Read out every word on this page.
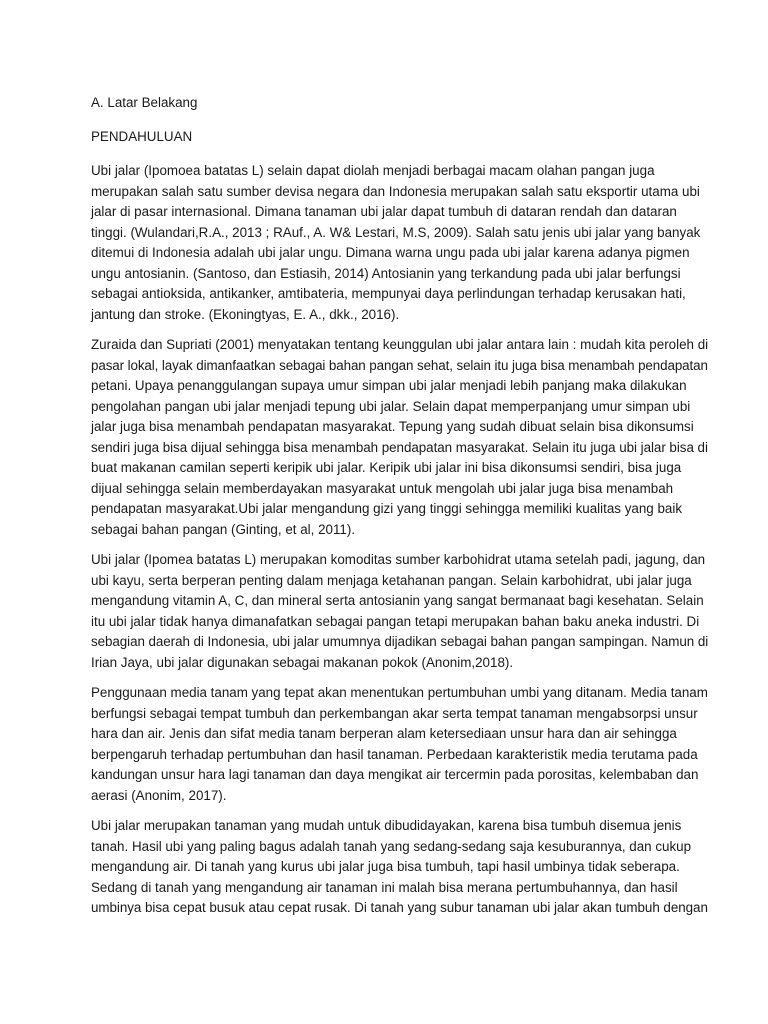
A. Latar Belakang
PENDAHULUAN
Ubi jalar (Ipomoea batatas L) selain dapat diolah menjadi berbagai macam olahan pangan juga
merupakan salah satu sumber devisa negara dan Indonesia merupakan salah satu eksportir utama ubi
jalar di pasar internasional. Dimana tanaman ubi jalar dapat tumbuh di dataran rendah dan dataran
tinggi. (Wulandari,R.A., 2013 ; RAuf., A. W& Lestari, M.S, 2009). Salah satu jenis ubi jalar yang banyak
ditemui di Indonesia adalah ubi jalar ungu. Dimana warna ungu pada ubi jalar karena adanya pigmen
ungu antosianin. (Santoso, dan Estiasih, 2014) Antosianin yang terkandung pada ubi jalar berfungsi
sebagai antioksida, antikanker, amtibateria, mempunyai daya perlindungan terhadap kerusakan hati,
jantung dan stroke. (Ekoningtyas, E. A., dkk., 2016).
Zuraida dan Supriati (2001) menyatakan tentang keunggulan ubi jalar antara lain : mudah kita peroleh di
pasar lokal, layak dimanfaatkan sebagai bahan pangan sehat, selain itu juga bisa menambah pendapatan
petani. Upaya penanggulangan supaya umur simpan ubi jalar menjadi lebih panjang maka dilakukan
pengolahan pangan ubi jalar menjadi tepung ubi jalar. Selain dapat memperpanjang umur simpan ubi
jalar juga bisa menambah pendapatan masyarakat. Tepung yang sudah dibuat selain bisa dikonsumsi
sendiri juga bisa dijual sehingga bisa menambah pendapatan masyarakat. Selain itu juga ubi jalar bisa di
buat makanan camilan seperti keripik ubi jalar. Keripik ubi jalar ini bisa dikonsumsi sendiri, bisa juga
dijual sehingga selain memberdayakan masyarakat untuk mengolah ubi jalar juga bisa menambah
pendapatan masyarakat.Ubi jalar mengandung gizi yang tinggi sehingga memiliki kualitas yang baik
sebagai bahan pangan (Ginting, et al, 2011).
Ubi jalar (Ipomea batatas L) merupakan komoditas sumber karbohidrat utama setelah padi, jagung, dan
ubi kayu, serta berperan penting dalam menjaga ketahanan pangan. Selain karbohidrat, ubi jalar juga
mengandung vitamin A, C, dan mineral serta antosianin yang sangat bermanaat bagi kesehatan. Selain
itu ubi jalar tidak hanya dimanafatkan sebagai pangan tetapi merupakan bahan baku aneka industri. Di
sebagian daerah di Indonesia, ubi jalar umumnya dijadikan sebagai bahan pangan sampingan. Namun di
Irian Jaya, ubi jalar digunakan sebagai makanan pokok (Anonim,2018).
Penggunaan media tanam yang tepat akan menentukan pertumbuhan umbi yang ditanam. Media tanam
berfungsi sebagai tempat tumbuh dan perkembangan akar serta tempat tanaman mengabsorpsi unsur
hara dan air. Jenis dan sifat media tanam berperan alam ketersediaan unsur hara dan air sehingga
berpengaruh terhadap pertumbuhan dan hasil tanaman. Perbedaan karakteristik media terutama pada
kandungan unsur hara lagi tanaman dan daya mengikat air tercermin pada porositas, kelembaban dan
aerasi (Anonim, 2017).
Ubi jalar merupakan tanaman yang mudah untuk dibudidayakan, karena bisa tumbuh disemua jenis
tanah. Hasil ubi yang paling bagus adalah tanah yang sedang-sedang saja kesuburannya, dan cukup
mengandung air. Di tanah yang kurus ubi jalar juga bisa tumbuh, tapi hasil umbinya tidak seberapa.
Sedang di tanah yang mengandung air tanaman ini malah bisa merana pertumbuhannya, dan hasil
umbinya bisa cepat busuk atau cepat rusak. Di tanah yang subur tanaman ubi jalar akan tumbuh dengan
